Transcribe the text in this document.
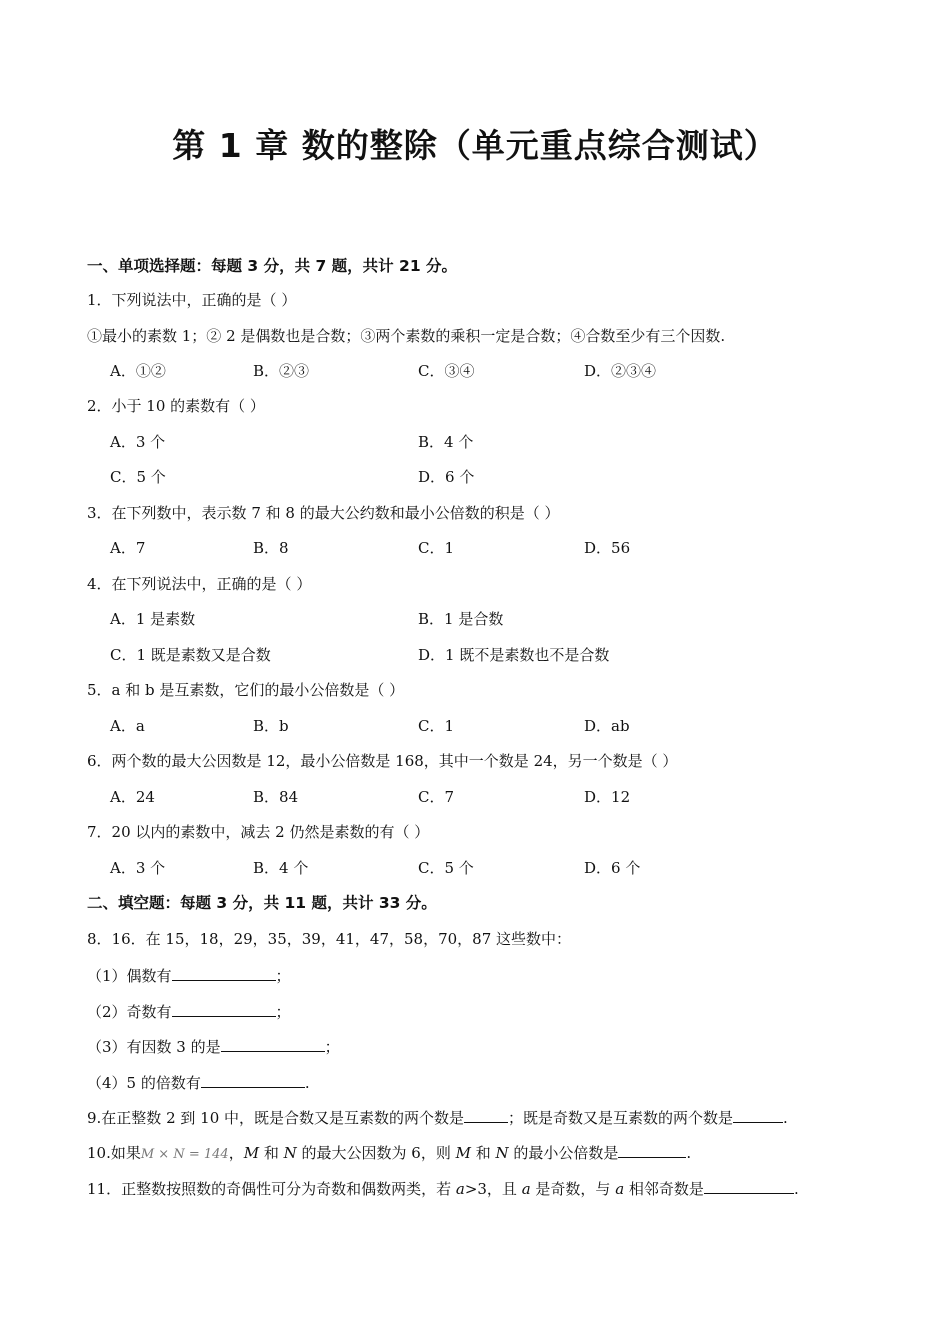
第 1 章 数的整除（单元重点综合测试）
一、单项选择题：每题 3 分，共 7 题，共计 21 分。
1．下列说法中，正确的是（ ）
①最小的素数 1；② 2 是偶数也是合数；③两个素数的乘积一定是合数；④合数至少有三个因数.
A．①②	B．②③	C．③④	D．②③④
2．小于 10 的素数有（ ）
A．3 个	B．4 个
C．5 个	D．6 个
3．在下列数中，表示数 7 和 8 的最大公约数和最小公倍数的积是（ ）
A．7	B．8	C．1	D．56
4．在下列说法中，正确的是（ ）
A．1 是素数	B．1 是合数
C．1 既是素数又是合数	D．1 既不是素数也不是合数
5．a 和 b 是互素数，它们的最小公倍数是（ ）
A．a	B．b	C．1	D．ab
6．两个数的最大公因数是 12，最小公倍数是 168，其中一个数是 24，另一个数是（ ）
A．24	B．84	C．7	D．12
7．20 以内的素数中，减去 2 仍然是素数的有（ ）
A．3 个	B．4 个	C．5 个	D．6 个
二、填空题：每题 3 分，共 11 题，共计 33 分。
8．16．在 15，18，29，35，39，41，47，58，70，87 这些数中：
（1）偶数有	；
（2）奇数有	；
（3）有因数 3 的是	；
（4）5 的倍数有	.
9.在正整数 2 到 10 中，既是合数又是互素数的两个数是	；既是奇数又是互素数的两个数是	.
10.如果M × N = 144，M 和 N 的最大公因数为 6，则 M 和 N 的最小公倍数是	.
11．正整数按照数的奇偶性可分为奇数和偶数两类，若 a>3，且 a 是奇数，与 a 相邻奇数是	.
